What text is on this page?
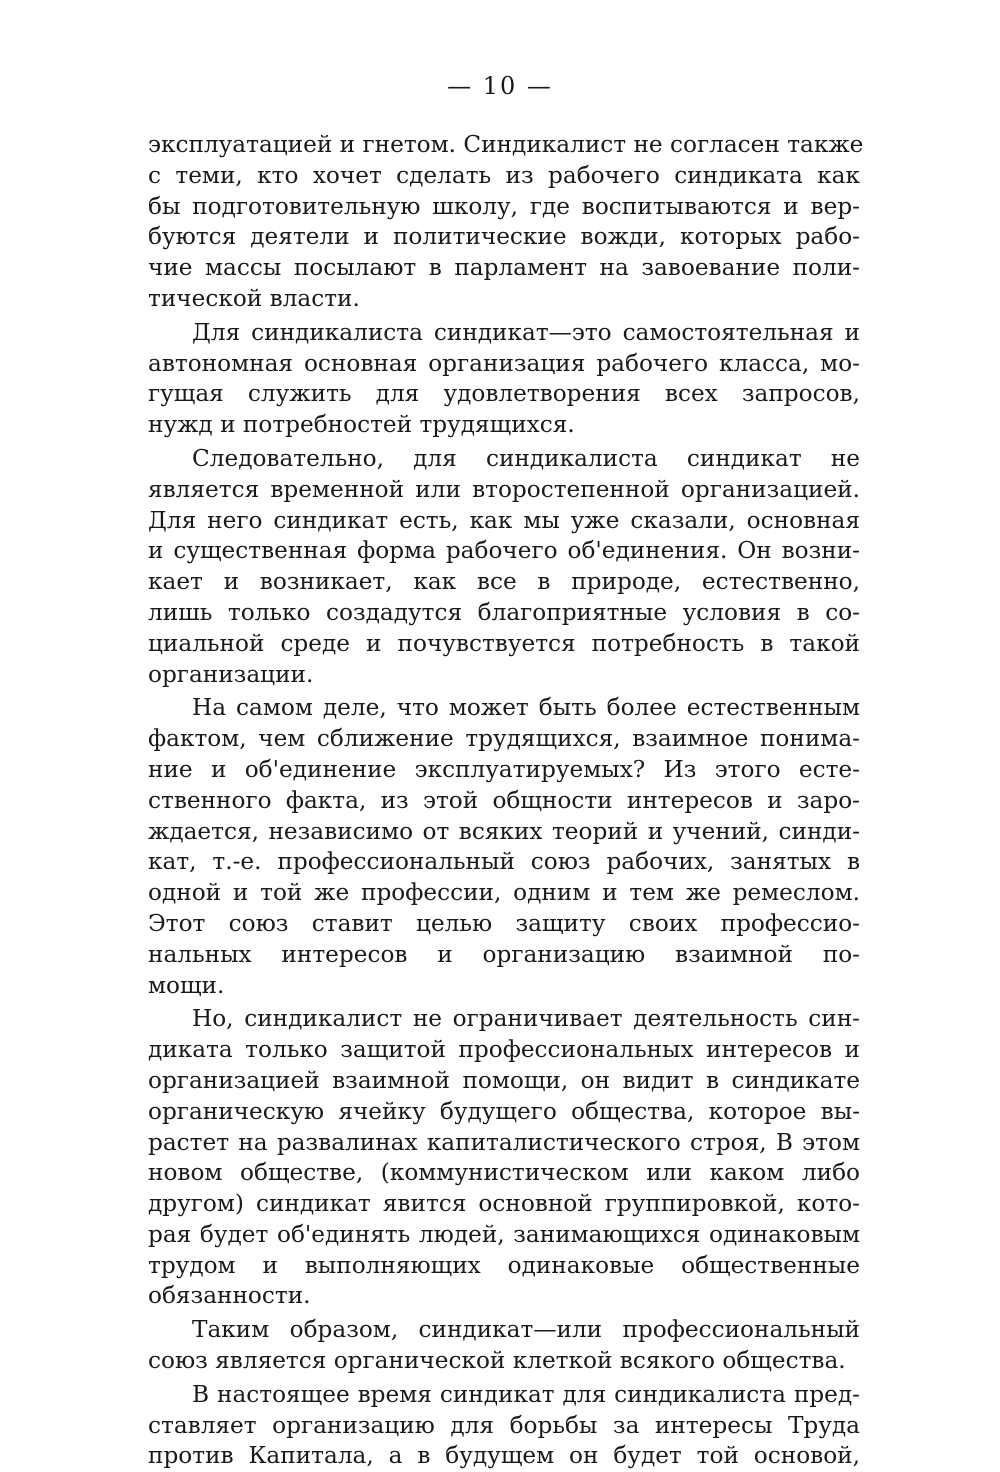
— 10 —

эксплуатацией и гнетом. Синдикалист не согласен также
с теми, кто хочет сделать из рабочего синдиката как
бы подготовительную школу, где воспитываются и вер-
буются деятели и политические вожди, которых рабо-
чие массы посылают в парламент на завоевание поли-
тической власти.

Для синдикалиста синдикат—это самостоятельная и
автономная основная организация рабочего класса, мо-
гущая служить для удовлетворения всех запросов,
нужд и потребностей трудящихся.

Следовательно, для синдикалиста синдикат не
является временной или второстепенной организацией.
Для него синдикат есть, как мы уже сказали, основная
и существенная форма рабочего об'единения. Он возни-
кает и возникает, как все в природе, естественно,
лишь только создадутся благоприятные условия в со-
циальной среде и почувствуется потребность в такой
организации.

На самом деле, что может быть более естественным
фактом, чем сближение трудящихся, взаимное понима-
ние и об'единение эксплуатируемых? Из этого есте-
ственного факта, из этой общности интересов и заро-
ждается, независимо от всяких теорий и учений, синди-
кат, т.-е. профессиональный союз рабочих, занятых в
одной и той же профессии, одним и тем же ремеслом.
Этот союз ставит целью защиту своих профессио-
нальных интересов и организацию взаимной по-
мощи.

Но, синдикалист не ограничивает деятельность син-
диката только защитой профессиональных интересов и
организацией взаимной помощи, он видит в синдикате
органическую ячейку будущего общества, которое вы-
растет на развалинах капиталистического строя, В этом
новом обществе, (коммунистическом или каком либо
другом) синдикат явится основной группировкой, кото-
рая будет об'единять людей, занимающихся одинаковым
трудом и выполняющих одинаковые общественные
обязанности.

Таким образом, синдикат—или профессиональный
союз является органической клеткой всякого общества.

В настоящее время синдикат для синдикалиста пред-
ставляет организацию для борьбы за интересы Труда
против Капитала, а в будущем он будет той основой,
